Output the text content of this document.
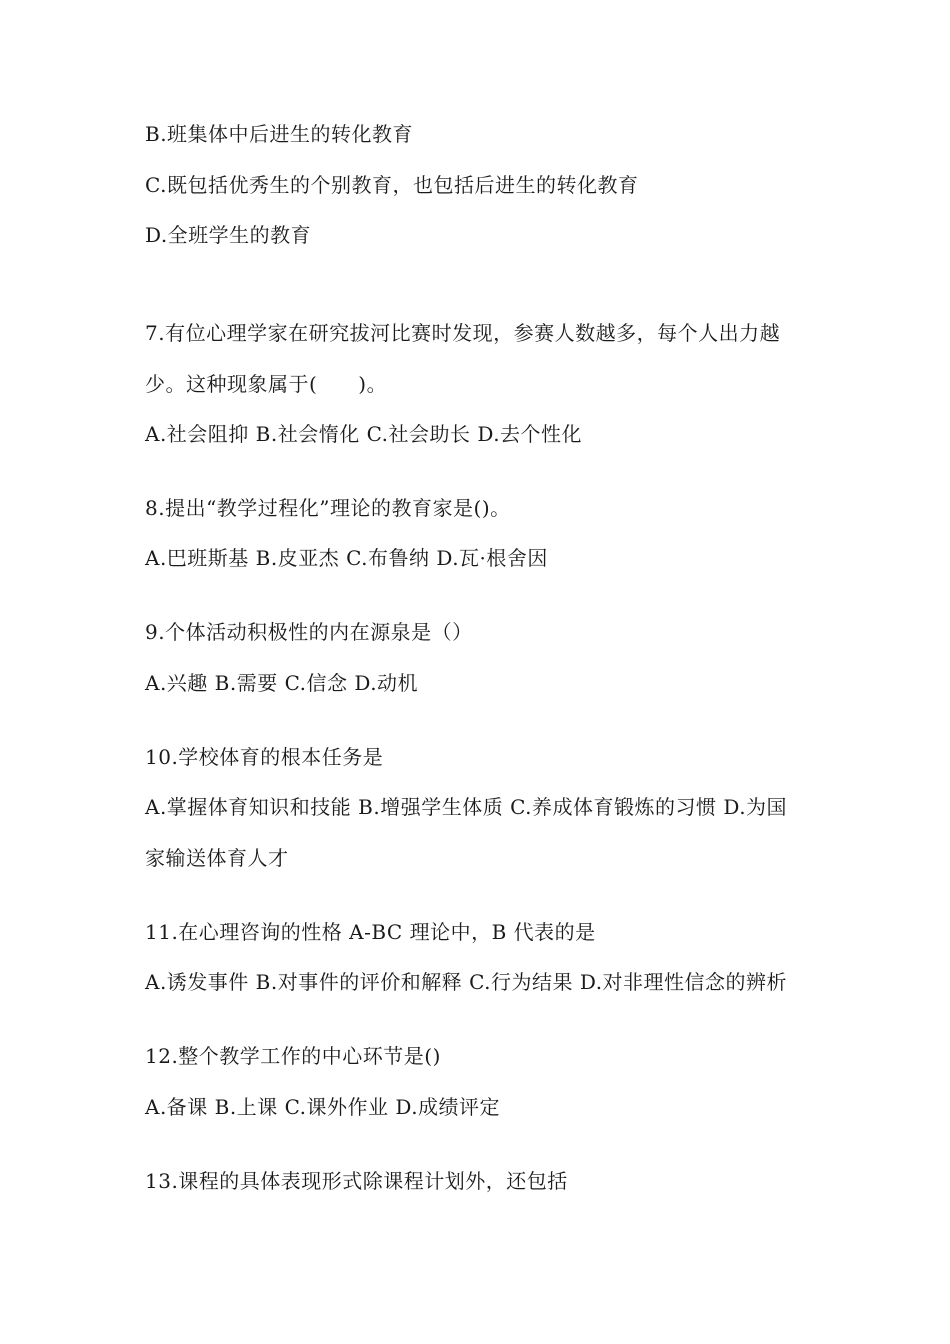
B.班集体中后进生的转化教育
C.既包括优秀生的个别教育，也包括后进生的转化教育
D.全班学生的教育
7.有位心理学家在研究拔河比赛时发现，参赛人数越多，每个人出力越
少。这种现象属于(　　)。
A.社会阻抑 B.社会惰化 C.社会助长 D.去个性化
8.提出“教学过程化”理论的教育家是()。
A.巴班斯基 B.皮亚杰 C.布鲁纳 D.瓦·根舍因
9.个体活动积极性的内在源泉是（）
A.兴趣 B.需要 C.信念 D.动机
10.学校体育的根本任务是
A.掌握体育知识和技能 B.增强学生体质 C.养成体育锻炼的习惯 D.为国
家输送体育人才
11.在心理咨询的性格 A-BC 理论中，B 代表的是
A.诱发事件 B.对事件的评价和解释 C.行为结果 D.对非理性信念的辨析
12.整个教学工作的中心环节是()
A.备课 B.上课 C.课外作业 D.成绩评定
13.课程的具体表现形式除课程计划外，还包括
